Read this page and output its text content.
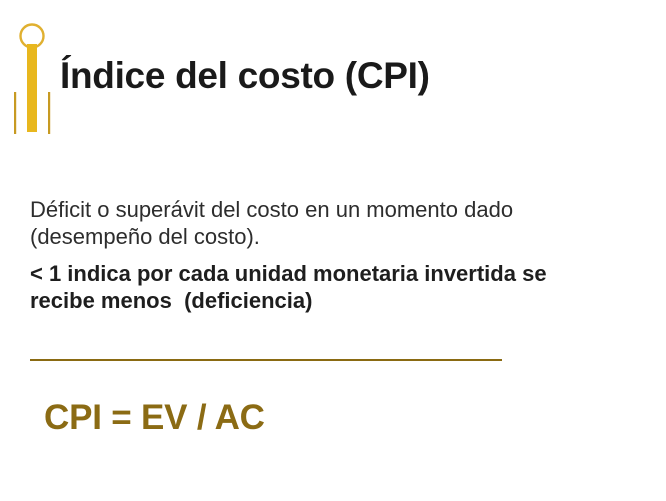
Índice del costo (CPI)

Déficit o superávit del costo en un momento dado (desempeño del costo).

< 1 indica por cada unidad monetaria invertida se recibe menos  (deficiencia)

CPI = EV / AC
